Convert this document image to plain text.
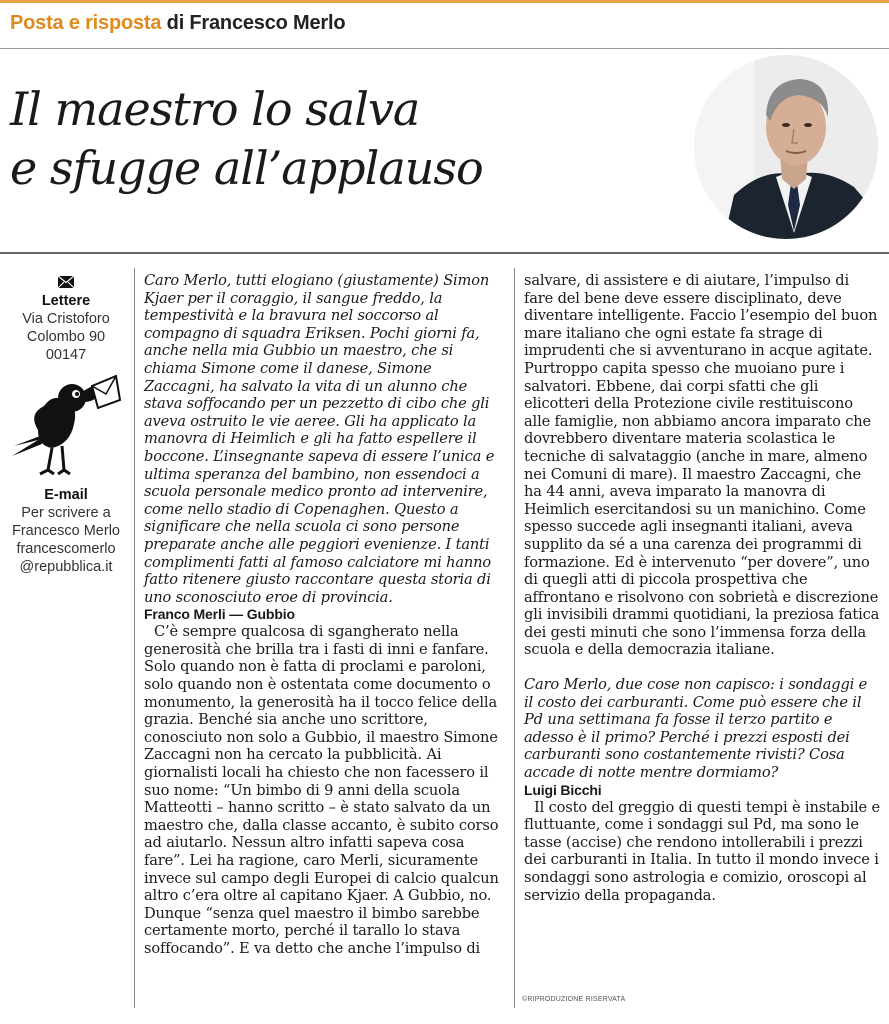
Posta e risposta di Francesco Merlo
Il maestro lo salva
e sfugge all’applauso
Lettere
Via Cristoforo
Colombo 90
00147
E-mail
Per scrivere a
Francesco Merlo
francescomerlo
@repubblica.it

Caro Merlo, tutti elogiano (giustamente) Simon Kjaer per il coraggio, il sangue freddo, la tempestività e la bravura nel soccorso al compagno di squadra Eriksen. Pochi giorni fa, anche nella mia Gubbio un maestro, che si chiama Simone come il danese, Simone Zaccagni, ha salvato la vita di un alunno che stava soffocando per un pezzetto di cibo che gli aveva ostruito le vie aeree. Gli ha applicato la manovra di Heimlich e gli ha fatto espellere il boccone. L’insegnante sapeva di essere l’unica e ultima speranza del bambino, non essendoci a scuola personale medico pronto ad intervenire, come nello stadio di Copenaghen. Questo a significare che nella scuola ci sono persone preparate anche alle peggiori evenienze. I tanti complimenti fatti al famoso calciatore mi hanno fatto ritenere giusto raccontare questa storia di uno sconosciuto eroe di provincia.

Franco Merli — Gubbio

C’è sempre qualcosa di sgangherato nella generosità che brilla tra i fasti di inni e fanfare. Solo quando non è fatta di proclami e paroloni, solo quando non è ostentata come documento o monumento, la generosità ha il tocco felice della grazia. Benché sia anche uno scrittore, conosciuto non solo a Gubbio, il maestro Simone Zaccagni non ha cercato la pubblicità. Ai giornalisti locali ha chiesto che non facessero il suo nome: “Un bimbo di 9 anni della scuola Matteotti – hanno scritto – è stato salvato da un maestro che, dalla classe accanto, è subito corso ad aiutarlo. Nessun altro infatti sapeva cosa fare”. Lei ha ragione, caro Merli, sicuramente invece sul campo degli Europei di calcio qualcun altro c’era oltre al capitano Kjaer. A Gubbio, no. Dunque “senza quel maestro il bimbo sarebbe certamente morto, perché il tarallo lo stava soffocando”. E va detto che anche l’impulso di

salvare, di assistere e di aiutare, l’impulso di fare del bene deve essere disciplinato, deve diventare intelligente. Faccio l’esempio del buon mare italiano che ogni estate fa strage di imprudenti che si avventurano in acque agitate. Purtroppo capita spesso che muoiano pure i salvatori. Ebbene, dai corpi sfatti che gli elicotteri della Protezione civile restituiscono alle famiglie, non abbiamo ancora imparato che dovrebbero diventare materia scolastica le tecniche di salvataggio (anche in mare, almeno nei Comuni di mare). Il maestro Zaccagni, che ha 44 anni, aveva imparato la manovra di Heimlich esercitandosi su un manichino. Come spesso succede agli insegnanti italiani, aveva supplito da sé a una carenza dei programmi di formazione. Ed è intervenuto “per dovere”, uno di quegli atti di piccola prospettiva che affrontano e risolvono con sobrietà e discrezione gli invisibili drammi quotidiani, la preziosa fatica dei gesti minuti che sono l’immensa forza della scuola e della democrazia italiane.

Caro Merlo, due cose non capisco: i sondaggi e il costo dei carburanti. Come può essere che il Pd una settimana fa fosse il terzo partito e adesso è il primo? Perché i prezzi esposti dei carburanti sono costantemente rivisti? Cosa accade di notte mentre dormiamo?

Luigi Bicchi

Il costo del greggio di questi tempi è instabile e fluttuante, come i sondaggi sul Pd, ma sono le tasse (accise) che rendono intollerabili i prezzi dei carburanti in Italia. In tutto il mondo invece i sondaggi sono astrologia e comizio, oroscopi al servizio della propaganda.

©RIPRODUZIONE RISERVATA
